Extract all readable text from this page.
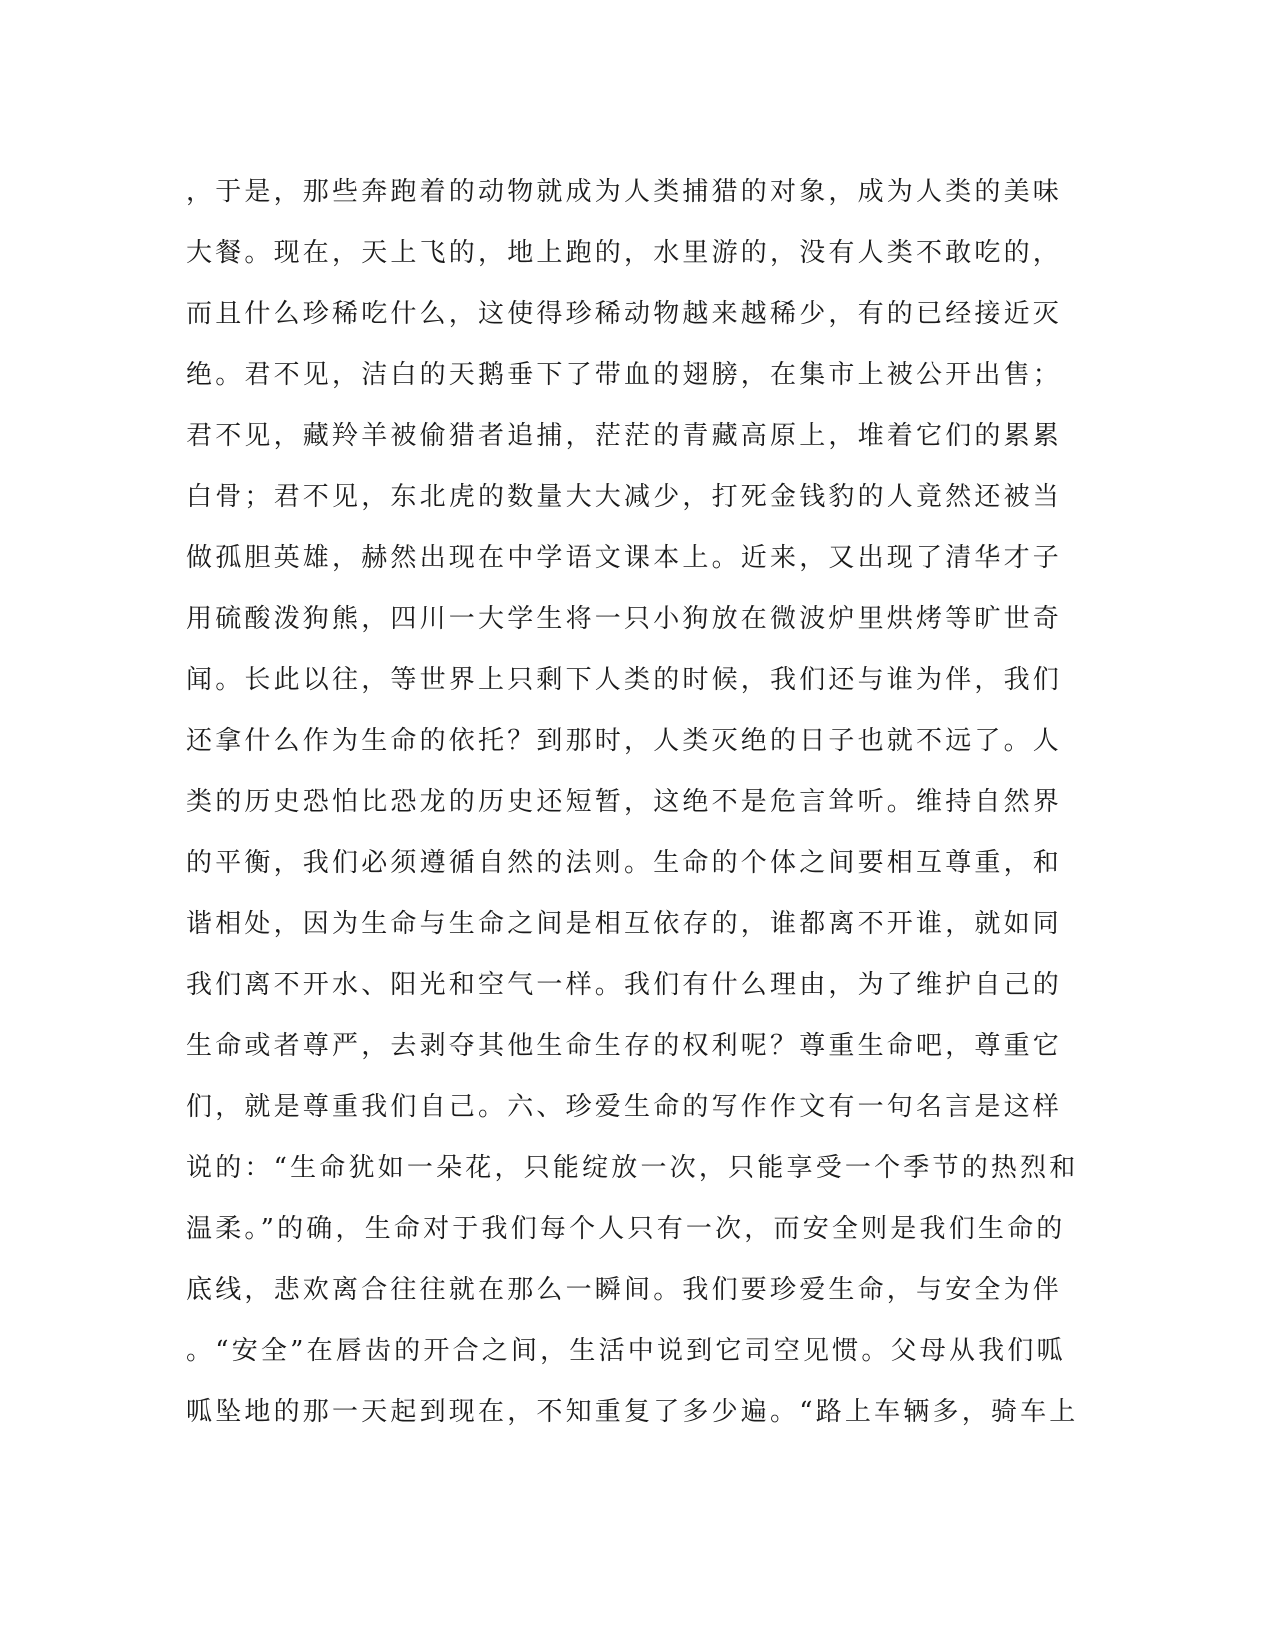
，于是，那些奔跑着的动物就成为人类捕猎的对象，成为人类的美味
大餐。现在，天上飞的，地上跑的，水里游的，没有人类不敢吃的，
而且什么珍稀吃什么，这使得珍稀动物越来越稀少，有的已经接近灭
绝。君不见，洁白的天鹅垂下了带血的翅膀，在集市上被公开出售；
君不见，藏羚羊被偷猎者追捕，茫茫的青藏高原上，堆着它们的累累
白骨；君不见，东北虎的数量大大减少，打死金钱豹的人竟然还被当
做孤胆英雄，赫然出现在中学语文课本上。近来，又出现了清华才子
用硫酸泼狗熊，四川一大学生将一只小狗放在微波炉里烘烤等旷世奇
闻。长此以往，等世界上只剩下人类的时候，我们还与谁为伴，我们
还拿什么作为生命的依托？到那时，人类灭绝的日子也就不远了。人
类的历史恐怕比恐龙的历史还短暂，这绝不是危言耸听。维持自然界
的平衡，我们必须遵循自然的法则。生命的个体之间要相互尊重，和
谐相处，因为生命与生命之间是相互依存的，谁都离不开谁，就如同
我们离不开水、阳光和空气一样。我们有什么理由，为了维护自己的
生命或者尊严，去剥夺其他生命生存的权利呢？尊重生命吧，尊重它
们，就是尊重我们自己。六、珍爱生命的写作作文有一句名言是这样
说的：“生命犹如一朵花，只能绽放一次，只能享受一个季节的热烈和
温柔。”的确，生命对于我们每个人只有一次，而安全则是我们生命的
底线，悲欢离合往往就在那么一瞬间。我们要珍爱生命，与安全为伴
。“安全”在唇齿的开合之间，生活中说到它司空见惯。父母从我们呱
呱坠地的那一天起到现在，不知重复了多少遍。“路上车辆多，骑车上
